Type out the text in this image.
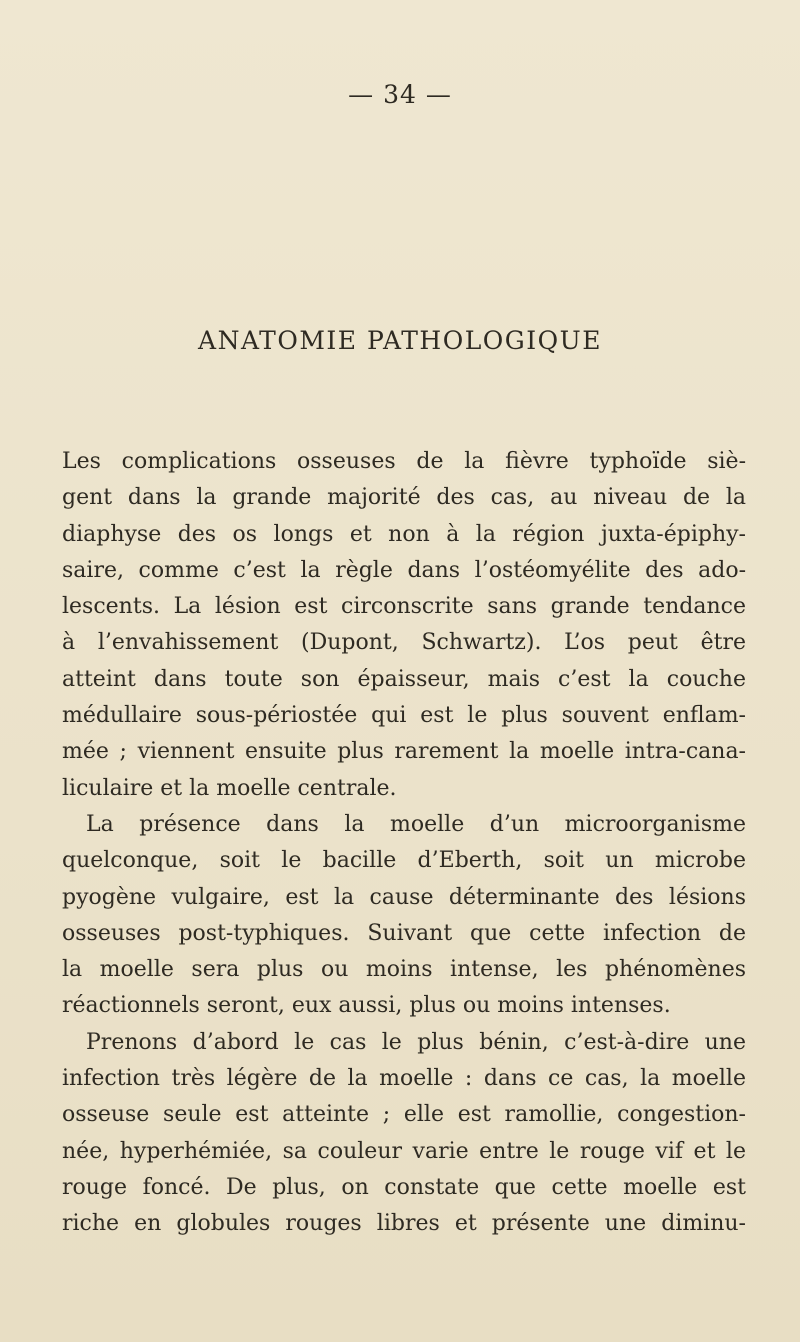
— 34 —
ANATOMIE PATHOLOGIQUE
Les complications osseuses de la fièvre typhoïde siè-
gent dans la grande majorité des cas, au niveau de la
diaphyse des os longs et non à la région juxta-épiphy-
saire, comme c’est la règle dans l’ostéomyélite des ado-
lescents. La lésion est circonscrite sans grande tendance
à l’envahissement (Dupont, Schwartz). L’os peut être
atteint dans toute son épaisseur, mais c’est la couche
médullaire sous-périostée qui est le plus souvent enflam-
mée ; viennent ensuite plus rarement la moelle intra-cana-
liculaire et la moelle centrale.
La présence dans la moelle d’un microorganisme
quelconque, soit le bacille d’Eberth, soit un microbe
pyogène vulgaire, est la cause déterminante des lésions
osseuses post-typhiques. Suivant que cette infection de
la moelle sera plus ou moins intense, les phénomènes
réactionnels seront, eux aussi, plus ou moins intenses.
Prenons d’abord le cas le plus bénin, c’est-à-dire une
infection très légère de la moelle : dans ce cas, la moelle
osseuse seule est atteinte ; elle est ramollie, congestion-
née, hyperhémiée, sa couleur varie entre le rouge vif et le
rouge foncé. De plus, on constate que cette moelle est
riche en globules rouges libres et présente une diminu-
